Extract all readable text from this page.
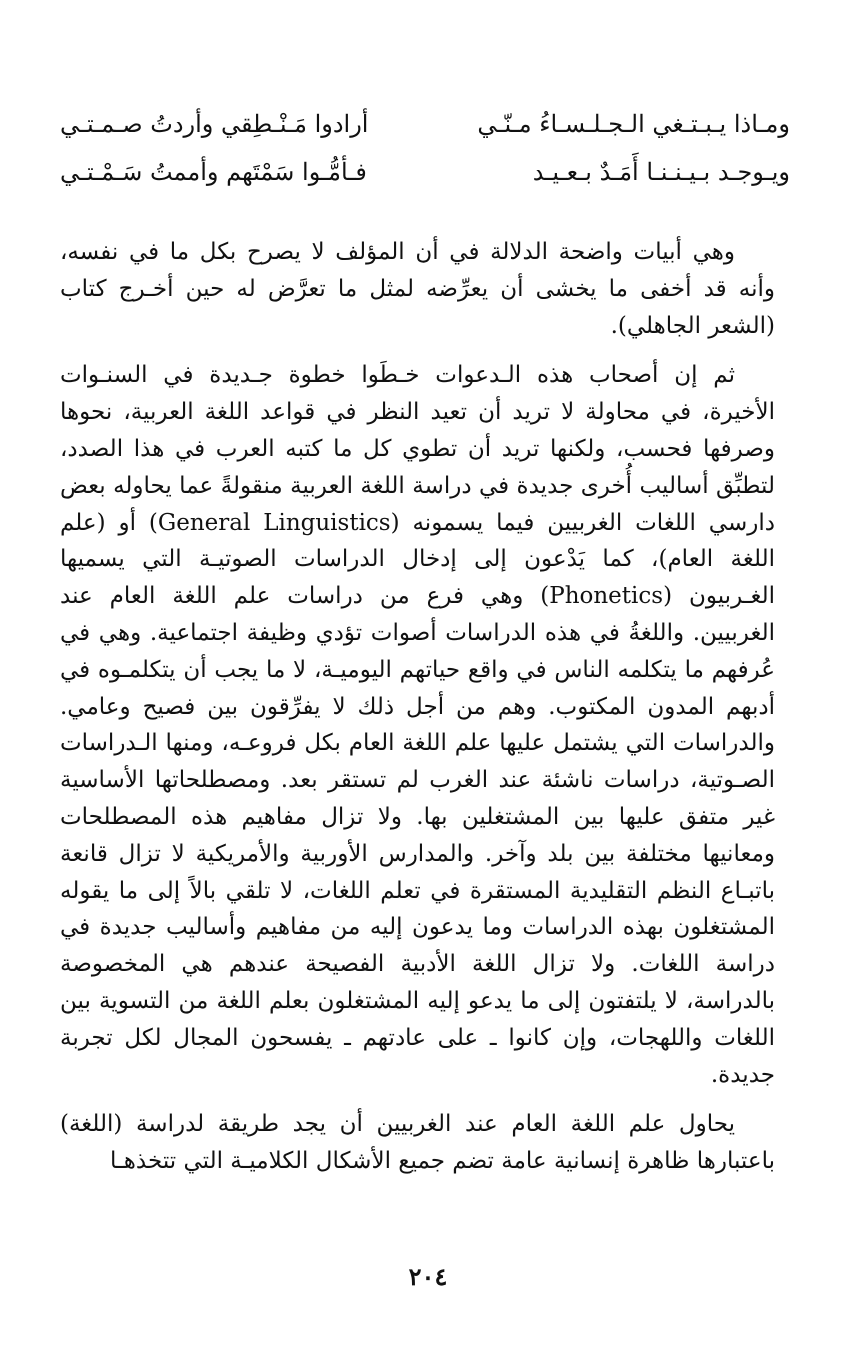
ومـاذا يـبـتـغي الـجـلـسـاءُ مـنّـي
أرادوا مَـنْـطِقي وأردتُ صـمـتـي
ويـوجـد بـيـنـنـا أَمَـدٌ بـعـيـد
فـأمُّـوا سَمْتَهم وأممتُ سَـمْـتـي

وهي أبيات واضحة الدلالة في أن المؤلف لا يصرح بكل ما في نفسه، وأنه قد أخفى ما يخشى أن يعرِّضه لمثل ما تعرَّض له حين أخـرج كتاب (الشعر الجاهلي).

ثم إن أصحاب هذه الـدعوات خـطَوا خطوة جـديدة في السنـوات الأخيرة، في محاولة لا تريد أن تعيد النظر في قواعد اللغة العربية، نحوها وصرفها فحسب، ولكنها تريد أن تطوي كل ما كتبه العرب في هذا الصدد، لتطبِّق أساليب أُخرى جديدة في دراسة اللغة العربية منقولةً عما يحاوله بعض دارسي اللغات الغربيين فيما يسمونه (General Linguistics) أو (علم اللغة العام)، كما يَدْعون إلى إدخال الدراسات الصوتيـة التي يسميها الغـربيون (Phonetics) وهي فرع من دراسات علم اللغة العام عند الغربيين. واللغةُ في هذه الدراسات أصوات تؤدي وظيفة اجتماعية. وهي في عُرفهم ما يتكلمه الناس في واقع حياتهم اليوميـة، لا ما يجب أن يتكلمـوه في أدبهم المدون المكتوب. وهم من أجل ذلك لا يفرِّقون بين فصيح وعامي. والدراسات التي يشتمل عليها علم اللغة العام بكل فروعـه، ومنها الـدراسات الصـوتية، دراسات ناشئة عند الغرب لم تستقر بعد. ومصطلحاتها الأساسية غير متفق عليها بين المشتغلين بها. ولا تزال مفاهيم هذه المصطلحات ومعانيها مختلفة بين بلد وآخر. والمدارس الأوربية والأمريكية لا تزال قانعة باتبـاع النظم التقليدية المستقرة في تعلم اللغات، لا تلقي بالاً إلى ما يقوله المشتغلون بهذه الدراسات وما يدعون إليه من مفاهيم وأساليب جديدة في دراسة اللغات. ولا تزال اللغة الأدبية الفصيحة عندهم هي المخصوصة بالدراسة، لا يلتفتون إلى ما يدعو إليه المشتغلون بعلم اللغة من التسوية بين اللغات واللهجات، وإن كانوا ـ على عادتهم ـ يفسحون المجال لكل تجربة جديدة.

يحاول علم اللغة العام عند الغربيين أن يجد طريقة لدراسة (اللغة) باعتبارها ظاهرة إنسانية عامة تضم جميع الأشكال الكلاميـة التي تتخذهـا

٢٠٤
